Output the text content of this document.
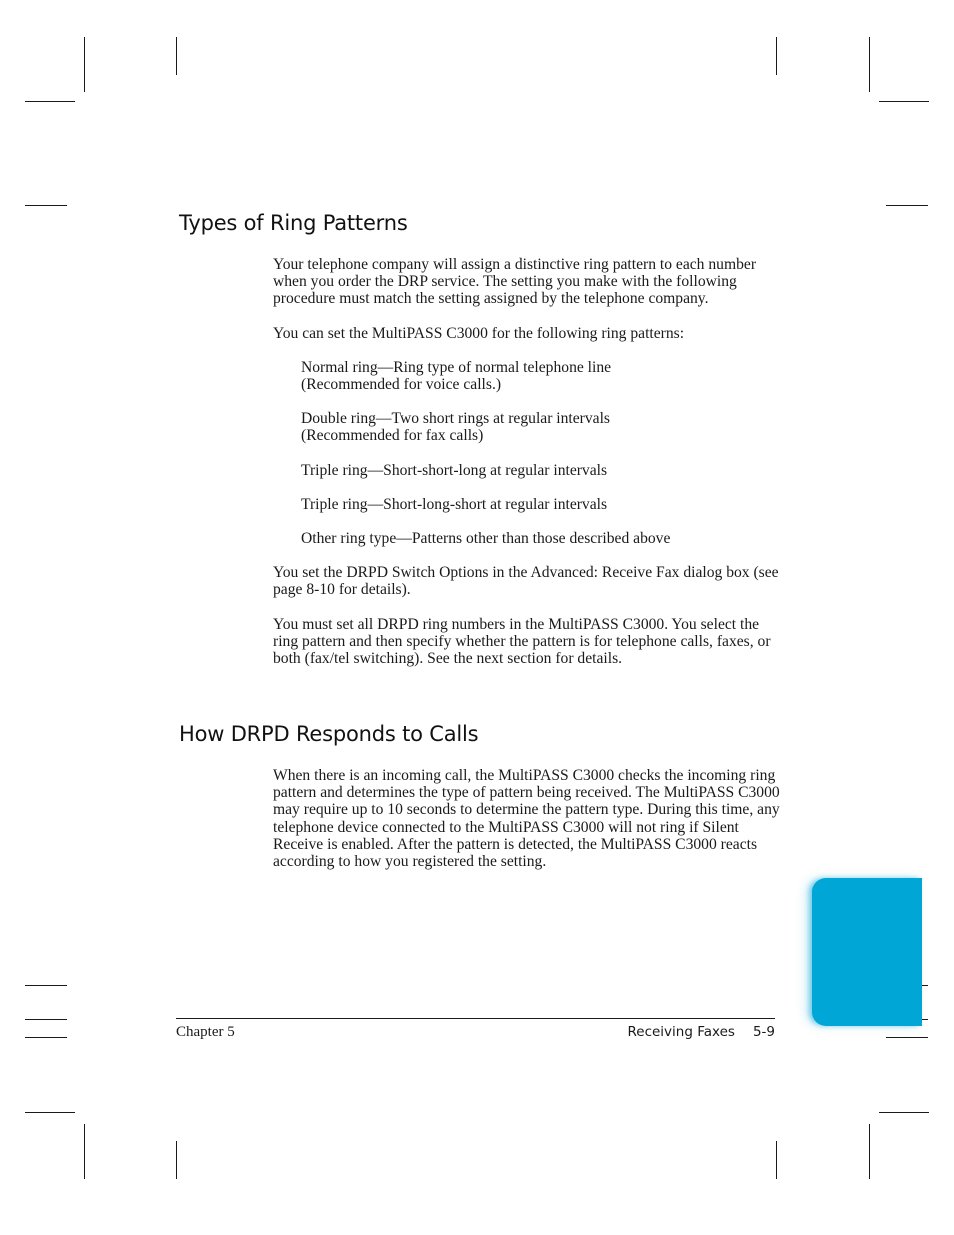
Types of Ring Patterns

Your telephone company will assign a distinctive ring pattern to each number when you order the DRP service. The setting you make with the following procedure must match the setting assigned by the telephone company.

You can set the MultiPASS C3000 for the following ring patterns:

Normal ring—Ring type of normal telephone line
(Recommended for voice calls.)
Double ring—Two short rings at regular intervals
(Recommended for fax calls)
Triple ring—Short-short-long at regular intervals
Triple ring—Short-long-short at regular intervals
Other ring type—Patterns other than those described above

You set the DRPD Switch Options in the Advanced: Receive Fax dialog box (see page 8-10 for details).

You must set all DRPD ring numbers in the MultiPASS C3000. You select the ring pattern and then specify whether the pattern is for telephone calls, faxes, or both (fax/tel switching). See the next section for details.

How DRPD Responds to Calls

When there is an incoming call, the MultiPASS C3000 checks the incoming ring pattern and determines the type of pattern being received. The MultiPASS C3000 may require up to 10 seconds to determine the pattern type. During this time, any telephone device connected to the MultiPASS C3000 will not ring if Silent Receive is enabled. After the pattern is detected, the MultiPASS C3000 reacts according to how you registered the setting.

Chapter 5	Receiving Faxes 5-9
